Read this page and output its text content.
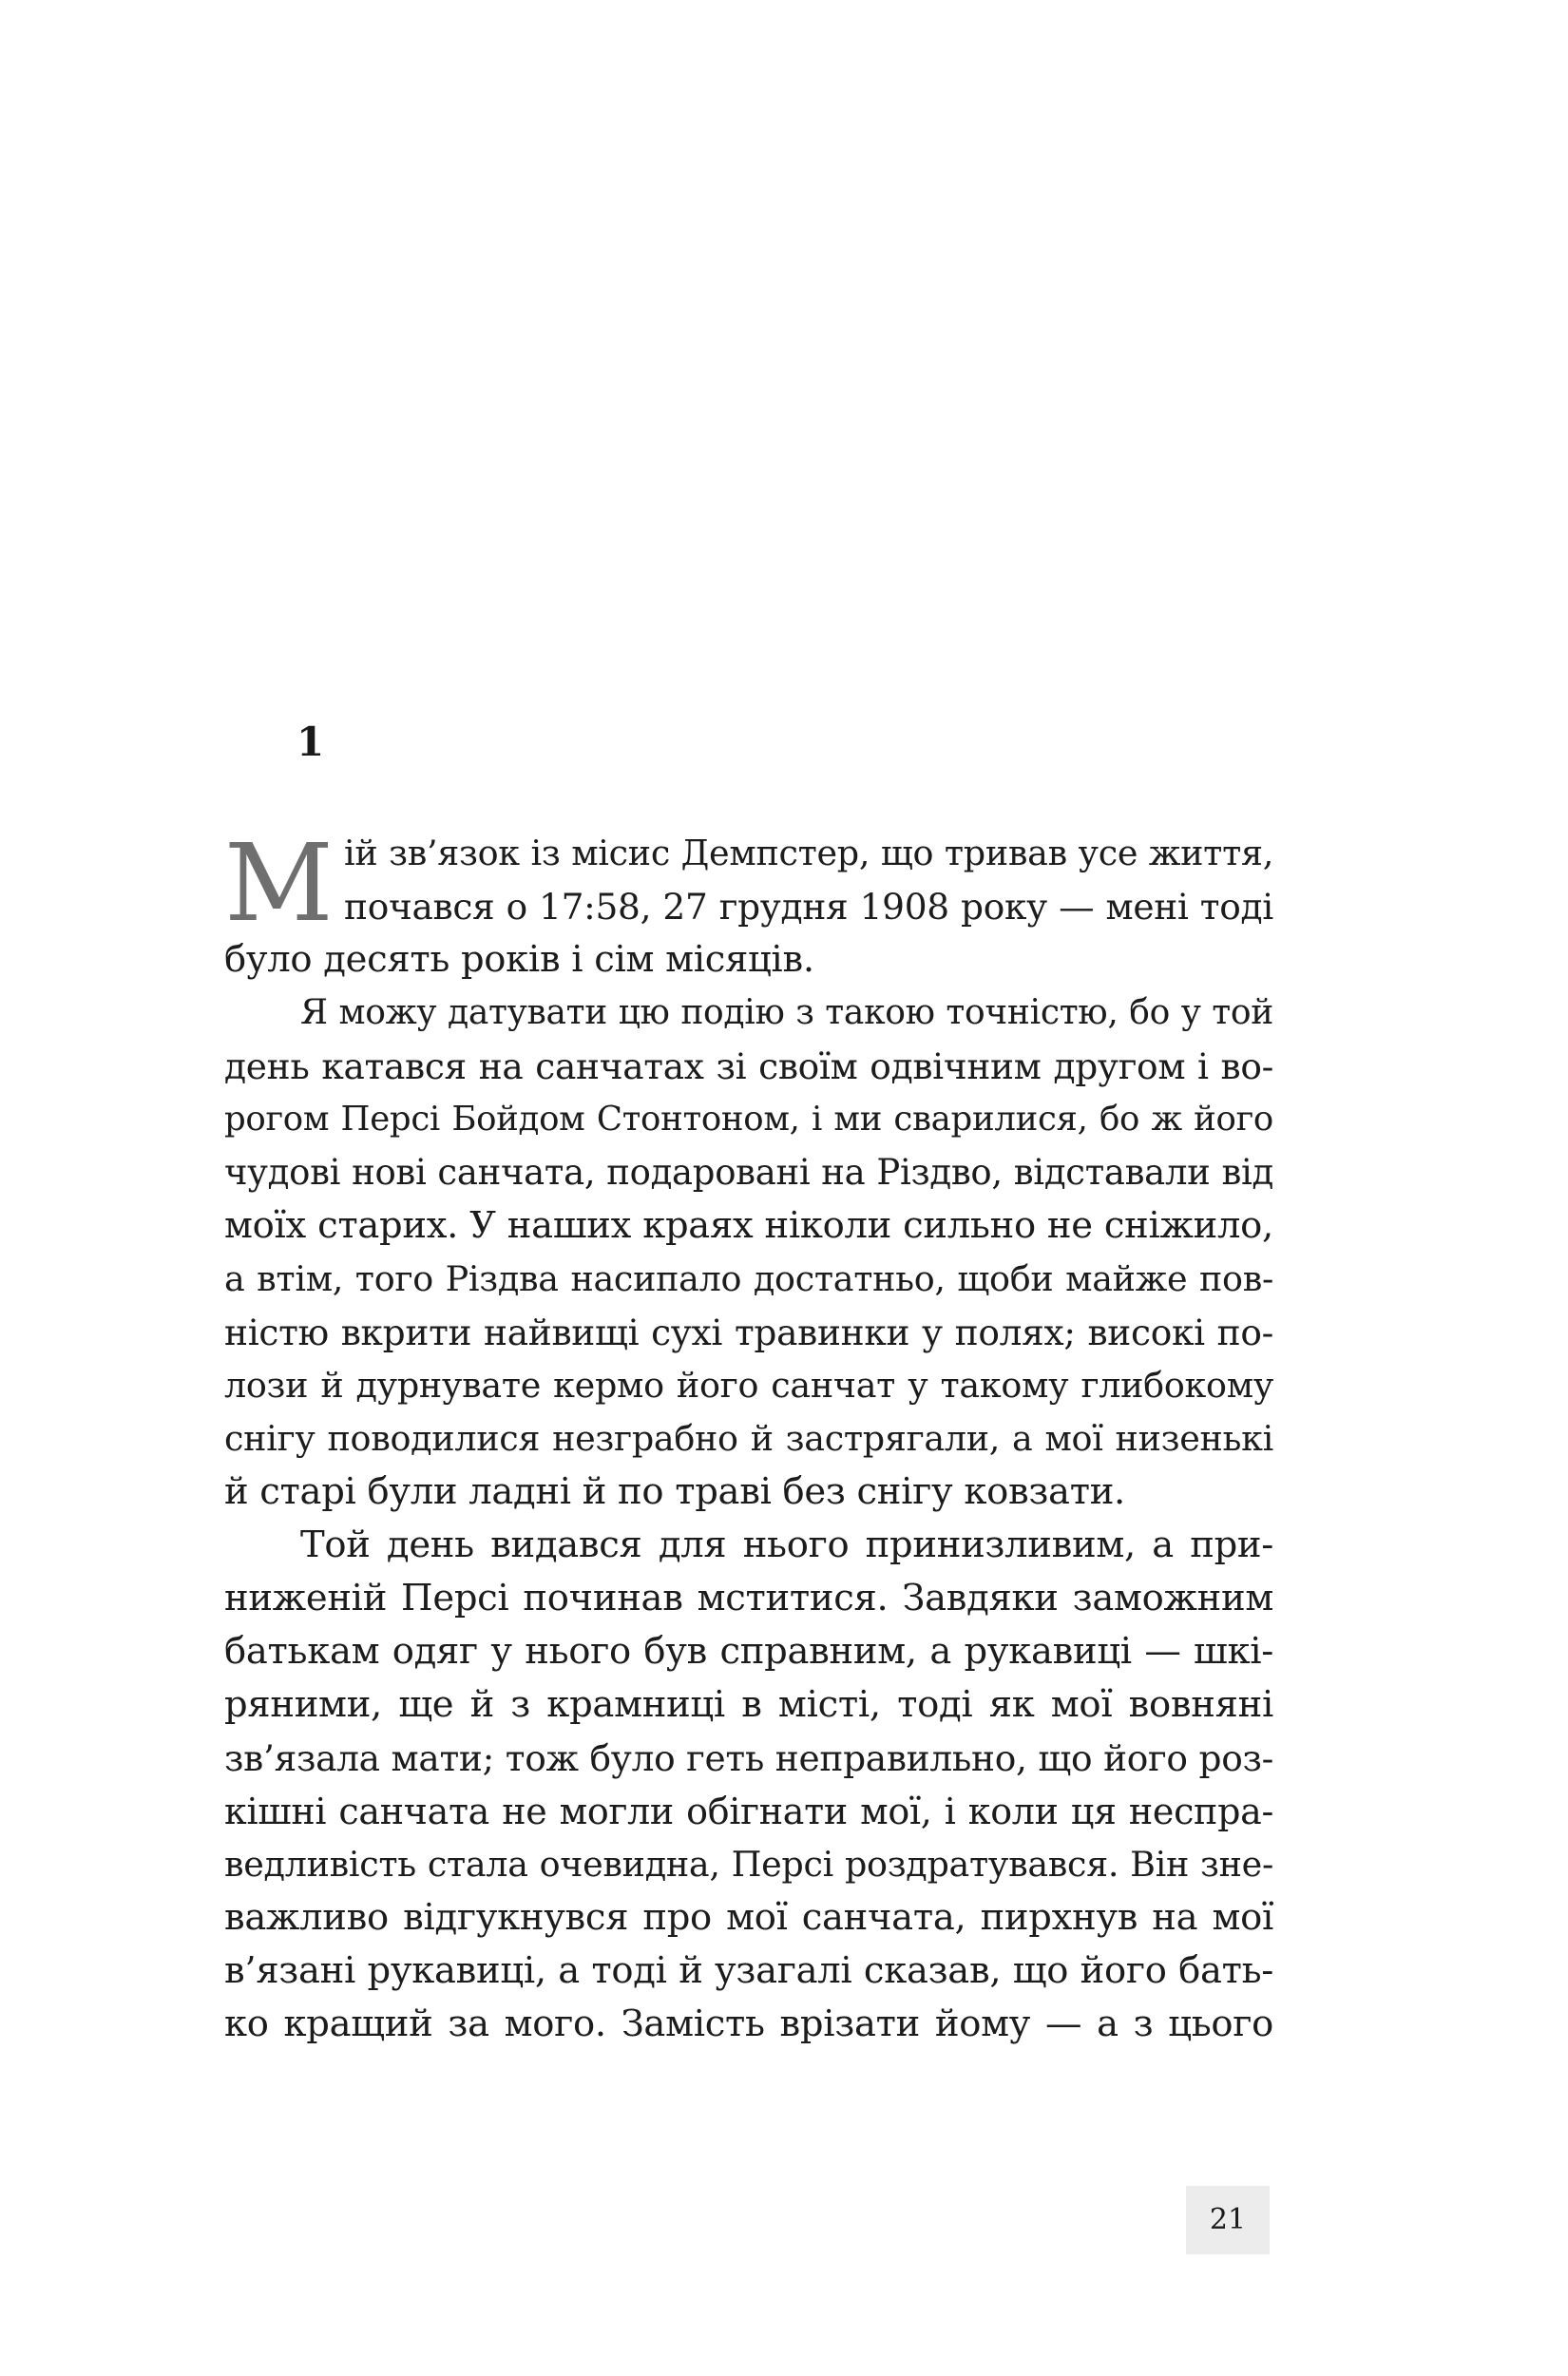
1
М ій зв’язок із місис Демпстер, що тривав усе життя,
почався о 17:58, 27 грудня 1908 року — мені тоді
було десять років і сім місяців.
Я можу датувати цю подію з такою точністю, бо у той
день катався на санчатах зі своїм одвічним другом і во-
рогом Персі Бойдом Стонтоном, і ми сварилися, бо ж його
чудові нові санчата, подаровані на Різдво, відставали від
моїх старих. У наших краях ніколи сильно не сніжило,
а втім, того Різдва насипало достатньо, щоби майже пов-
ністю вкрити найвищі сухі травинки у полях; високі по-
лози й дурнувате кермо його санчат у такому глибокому
снігу поводилися незграбно й застрягали, а мої низенькі
й старі були ладні й по траві без снігу ковзати.
Той день видався для нього принизливим, а при-
ниженій Персі починав мститися. Завдяки заможним
батькам одяг у нього був справним, а рукавиці — шкі-
ряними, ще й з крамниці в місті, тоді як мої вовняні
зв’язала мати; тож було геть неправильно, що його роз-
кішні санчата не могли обігнати мої, і коли ця неспра-
ведливість стала очевидна, Персі роздратувався. Він зне-
важливо відгукнувся про мої санчата, пирхнув на мої
в’язані рукавиці, а тоді й узагалі сказав, що його бать-
ко кращий за мого. Замість врізати йому — а з цього
21
